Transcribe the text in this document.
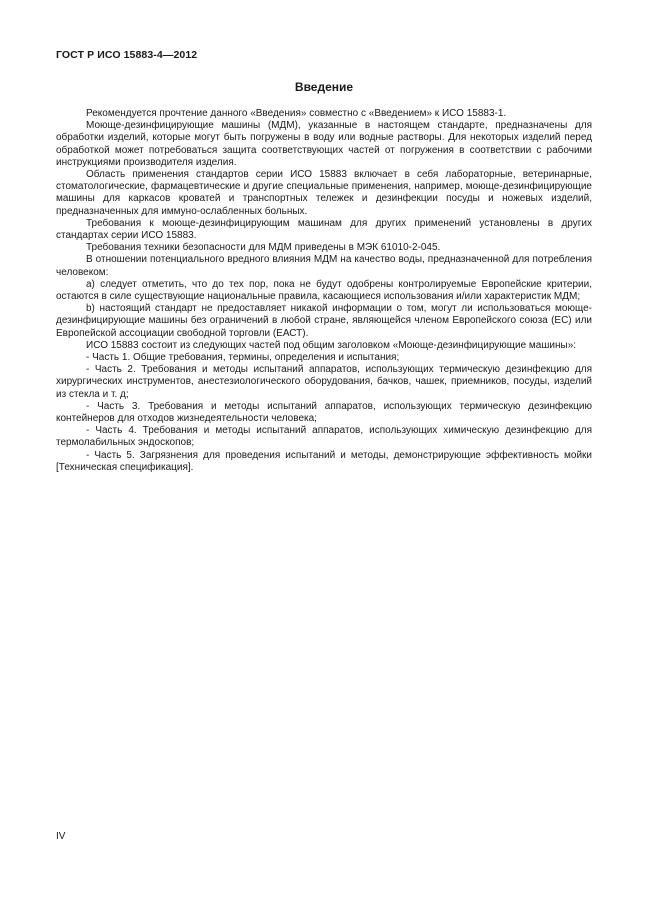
ГОСТ Р ИСО 15883-4—2012
Введение

Рекомендуется прочтение данного «Введения» совместно с «Введением» к ИСО 15883-1.

Моюще-дезинфицирующие машины (МДМ), указанные в настоящем стандарте, предназначены для обработки изделий, которые могут быть погружены в воду или водные растворы. Для некоторых изделий перед обработкой может потребоваться защита соответствующих частей от погружения в соответствии с рабочими инструкциями производителя изделия.

Область применения стандартов серии ИСО 15883 включает в себя лабораторные, ветеринарные, стоматологические, фармацевтические и другие специальные применения, например, моюще-дезинфицирующие машины для каркасов кроватей и транспортных тележек и дезинфекции посуды и ножевых изделий, предназначенных для иммуно-ослабленных больных.

Требования к моюще-дезинфицирующим машинам для других применений установлены в других стандартах серии ИСО 15883.

Требования техники безопасности для МДМ приведены в МЭК 61010-2-045.

В отношении потенциального вредного влияния МДМ на качество воды, предназначенной для потребления человеком:

a) следует отметить, что до тех пор, пока не будут одобрены контролируемые Европейские критерии, остаются в силе существующие национальные правила, касающиеся использования и/или характеристик МДМ;

b) настоящий стандарт не предоставляет никакой информации о том, могут ли использоваться моюще-дезинфицирующие машины без ограничений в любой стране, являющейся членом Европейского союза (ЕС) или Европейской ассоциации свободной торговли (ЕАСТ).

ИСО 15883 состоит из следующих частей под общим заголовком «Моюще-дезинфицирующие машины»:

- Часть 1. Общие требования, термины, определения и испытания;

- Часть 2. Требования и методы испытаний аппаратов, использующих термическую дезинфекцию для хирургических инструментов, анестезиологического оборудования, бачков, чашек, приемников, посуды, изделий из стекла и т. д;

- Часть 3. Требования и методы испытаний аппаратов, использующих термическую дезинфекцию контейнеров для отходов жизнедеятельности человека;

- Часть 4. Требования и методы испытаний аппаратов, использующих химическую дезинфекцию для термолабильных эндоскопов;

- Часть 5. Загрязнения для проведения испытаний и методы, демонстрирующие эффективность мойки [Техническая спецификация].

IV
